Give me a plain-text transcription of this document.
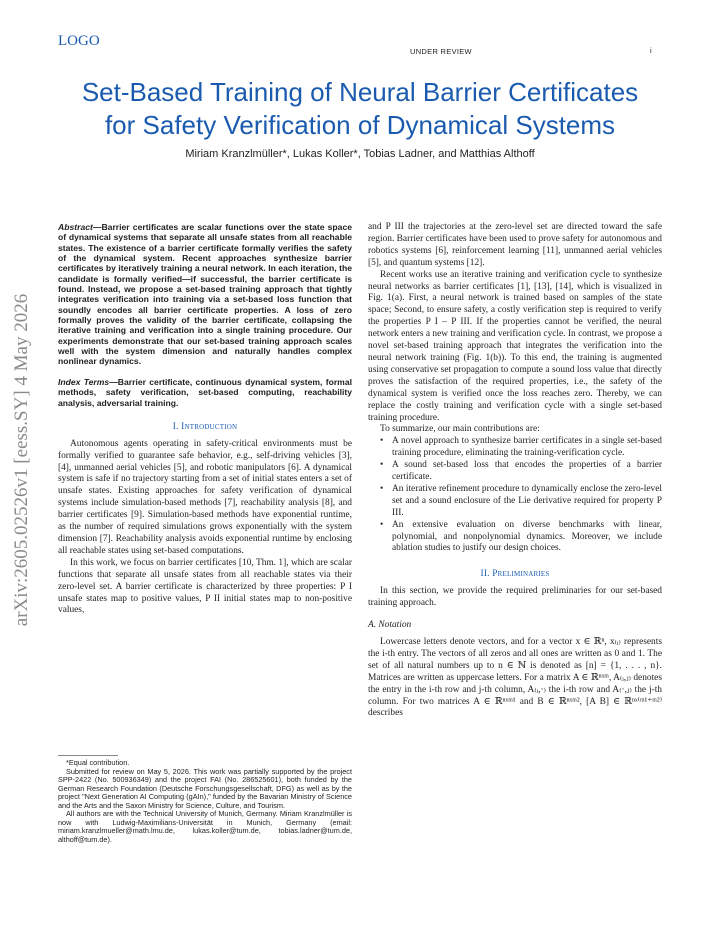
LOGO
UNDER REVIEW	i
Set-Based Training of Neural Barrier Certificates
for Safety Verification of Dynamical Systems
Miriam Kranzlmüller*, Lukas Koller*, Tobias Ladner, and Matthias Althoff
arXiv:2605.02526v1 [eess.SY] 4 May 2026
Abstract—Barrier certificates are scalar functions over the state space of dynamical systems that separate all unsafe states from all reachable states. The existence of a barrier certificate formally verifies the safety of the dynamical system. Recent approaches synthesize barrier certificates by iteratively training a neural network. In each iteration, the candidate is formally verified—if successful, the barrier certificate is found. Instead, we propose a set-based training approach that tightly integrates verification into training via a set-based loss function that soundly encodes all barrier certificate properties. A loss of zero formally proves the validity of the barrier certificate, collapsing the iterative training and verification into a single training procedure. Our experiments demonstrate that our set-based training approach scales well with the system dimension and naturally handles complex nonlinear dynamics.
Index Terms—Barrier certificate, continuous dynamical system, formal methods, safety verification, set-based computing, reachability analysis, adversarial training.
I. Introduction

Autonomous agents operating in safety-critical environments must be formally verified to guarantee safe behavior, e.g., self-driving vehicles [3], [4], unmanned aerial vehicles [5], and robotic manipulators [6]. A dynamical system is safe if no trajectory starting from a set of initial states enters a set of unsafe states. Existing approaches for safety verification of dynamical systems include simulation-based methods [7], reachability analysis [8], and barrier certificates [9]. Simulation-based methods have exponential runtime, as the number of required simulations grows exponentially with the system dimension [7]. Reachability analysis avoids exponential runtime by enclosing all reachable states using set-based computations.

In this work, we focus on barrier certificates [10, Thm. 1], which are scalar functions that separate all unsafe states from all reachable states via their zero-level set. A barrier certificate is characterized by three properties: P I unsafe states map to positive values, P II initial states map to non-positive values,

*Equal contribution.

Submitted for review on May 5, 2026. This work was partially supported by the project SPP-2422 (No. 500936349) and the project FAI (No. 286525601), both funded by the German Research Foundation (Deutsche Forschungsgesellschaft, DFG) as well as by the project "Next Generation AI Computing (gAIn)," funded by the Bavarian Ministry of Science and the Arts and the Saxon Ministry for Science, Culture, and Tourism.

All authors are with the Technical University of Munich, Germany. Miriam Kranzlmüller is now with Ludwig-Maximilians-Universität in Munich, Germany (email: miriam.kranzlmueller@math.lmu.de, lukas.koller@tum.de, tobias.ladner@tum.de, althoff@tum.de).

and P III the trajectories at the zero-level set are directed toward the safe region. Barrier certificates have been used to prove safety for autonomous and robotics systems [6], reinforcement learning [11], unmanned aerial vehicles [5], and quantum systems [12].

Recent works use an iterative training and verification cycle to synthesize neural networks as barrier certificates [1], [13], [14], which is visualized in Fig. 1(a). First, a neural network is trained based on samples of the state space; Second, to ensure safety, a costly verification step is required to verify the properties P I – P III. If the properties cannot be verified, the neural network enters a new training and verification cycle. In contrast, we propose a novel set-based training approach that integrates the verification into the neural network training (Fig. 1(b)). To this end, the training is augmented using conservative set propagation to compute a sound loss value that directly proves the satisfaction of the required properties, i.e., the safety of the dynamical system is verified once the loss reaches zero. Thereby, we can replace the costly training and verification cycle with a single set-based training procedure.

To summarize, our main contributions are:

• A novel approach to synthesize barrier certificates in a single set-based training procedure, eliminating the training-verification cycle.
• A sound set-based loss that encodes the properties of a barrier certificate.
• An iterative refinement procedure to dynamically enclose the zero-level set and a sound enclosure of the Lie derivative required for property P III.
• An extensive evaluation on diverse benchmarks with linear, polynomial, and nonpolynomial dynamics. Moreover, we include ablation studies to justify our design choices.
II. Preliminaries

In this section, we provide the required preliminaries for our set-based training approach.

A. Notation

Lowercase letters denote vectors, and for a vector x ∈ ℝⁿ, x₍ᵢ₎ represents the i-th entry. The vectors of all zeros and all ones are written as 0 and 1. The set of all natural numbers up to n ∈ ℕ is denoted as [n] = {1, . . . , n}. Matrices are written as uppercase letters. For a matrix A ∈ ℝⁿˣᵐ, A₍ᵢ,ⱼ₎ denotes the entry in the i-th row and j-th column, A₍ᵢ,·₎ the i-th row and A₍·,ⱼ₎ the j-th column. For two matrices A ∈ ℝⁿˣᵐ¹ and B ∈ ℝⁿˣᵐ², [A B] ∈ ℝⁿˣ⁽ᵐ¹⁺ᵐ²⁾ describes
